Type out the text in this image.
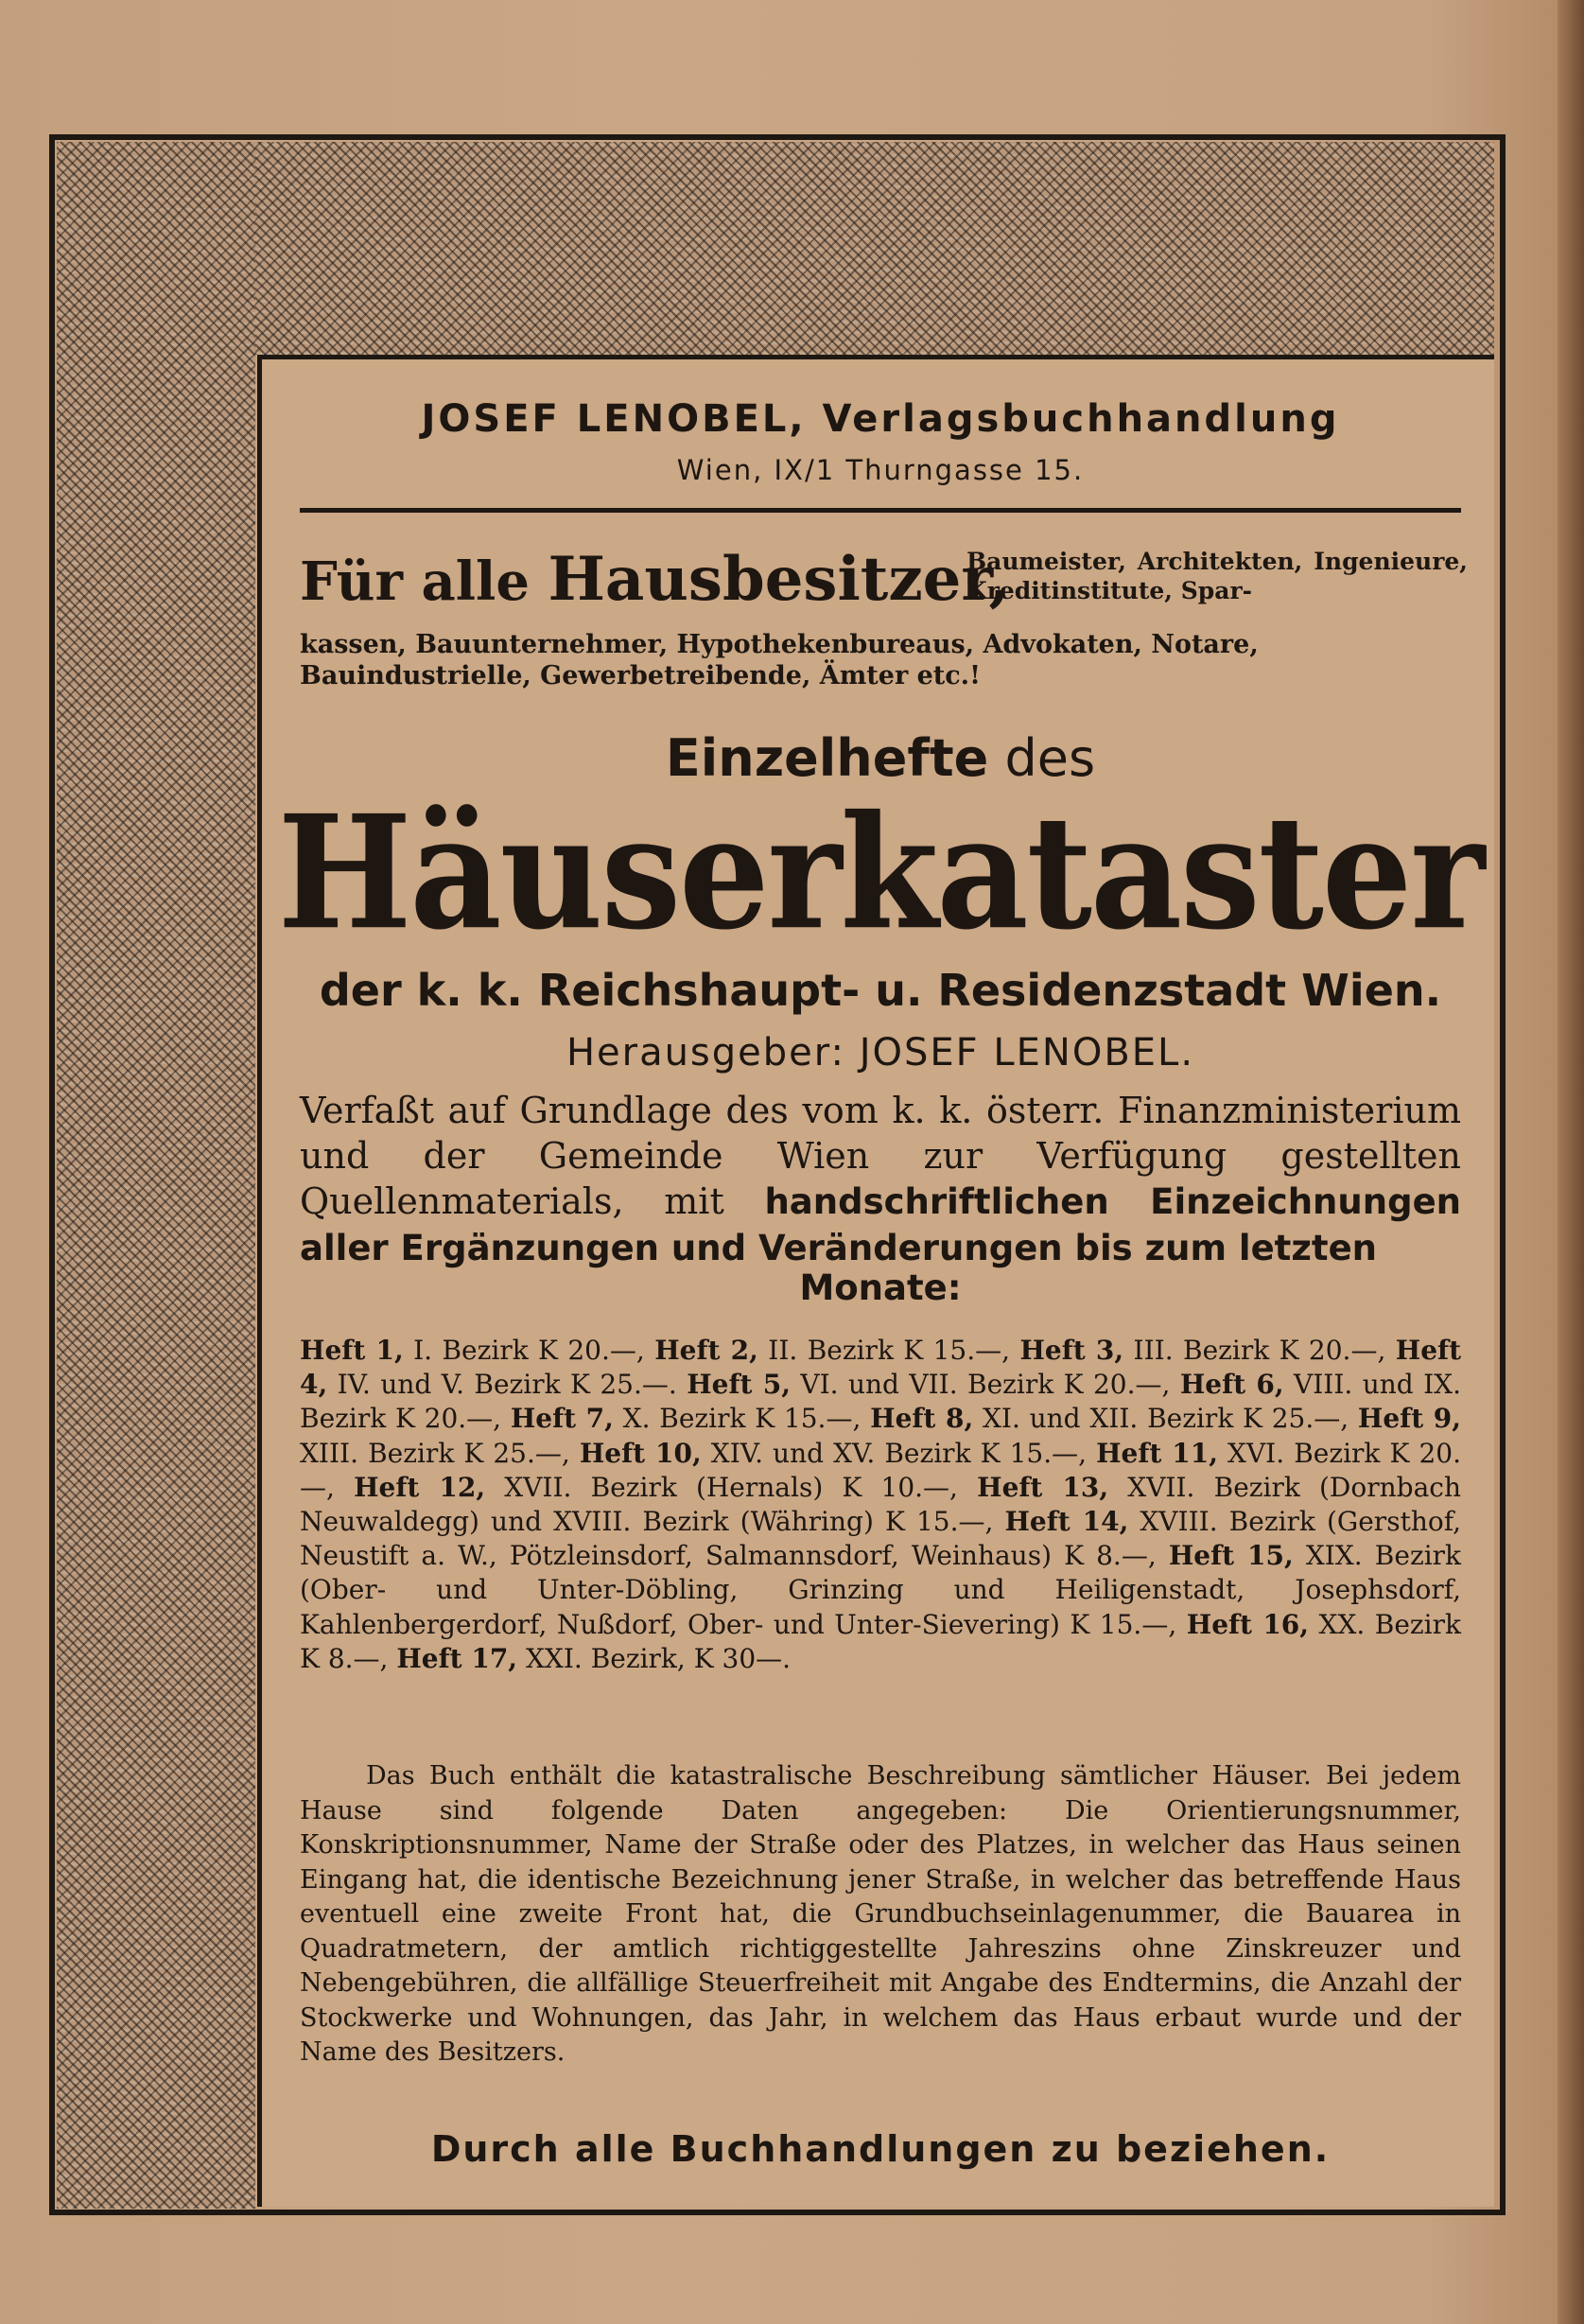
JOSEF LENOBEL, Verlagsbuchhandlung
Wien, IX/1 Thurngasse 15.
Für alle Hausbesitzer,
Baumeister, Architekten, Ingenieure, Kreditinstitute, Spar-
kassen, Bauunternehmer, Hypothekenbureaus, Advokaten, Notare, Bauindustrielle, Gewerbetreibende, Ämter etc.!
Einzelhefte des
Häuserkataster
der k. k. Reichshaupt- u. Residenzstadt Wien.
Herausgeber: JOSEF LENOBEL.
Verfaßt auf Grundlage des vom k. k. österr. Finanzministerium und der Gemeinde Wien zur Verfügung gestellten Quellenmaterials, mit handschriftlichen Einzeichnungen aller Ergänzungen und Veränderungen bis zum letzten
Monate:
Heft 1, I. Bezirk K 20.—, Heft 2, II. Bezirk K 15.—, Heft 3, III. Bezirk K 20.—, Heft 4, IV. und V. Bezirk K 25.—. Heft 5, VI. und VII. Bezirk K 20.—, Heft 6, VIII. und IX. Bezirk K 20.—, Heft 7, X. Bezirk K 15.—, Heft 8, XI. und XII. Bezirk K 25.—, Heft 9, XIII. Bezirk K 25.—, Heft 10, XIV. und XV. Bezirk K 15.—, Heft 11, XVI. Bezirk K 20.—, Heft 12, XVII. Bezirk (Hernals) K 10.—, Heft 13, XVII. Bezirk (Dornbach Neuwaldegg) und XVIII. Bezirk (Währing) K 15.—, Heft 14, XVIII. Bezirk (Gersthof, Neustift a. W., Pötzleinsdorf, Salmannsdorf, Weinhaus) K 8.—, Heft 15, XIX. Bezirk (Ober- und Unter-Döbling, Grinzing und Heiligenstadt, Josephsdorf, Kahlenbergerdorf, Nußdorf, Ober- und Unter-Sievering) K 15.—, Heft 16, XX. Bezirk K 8.—, Heft 17, XXI. Bezirk, K 30—.
Das Buch enthält die katastralische Beschreibung sämtlicher Häuser. Bei jedem Hause sind folgende Daten angegeben: Die Orientierungsnummer, Konskriptionsnummer, Name der Straße oder des Platzes, in welcher das Haus seinen Eingang hat, die identische Bezeichnung jener Straße, in welcher das betreffende Haus eventuell eine zweite Front hat, die Grundbuchseinlagenummer, die Bauarea in Quadratmetern, der amtlich richtiggestellte Jahreszins ohne Zinskreuzer und Nebengebühren, die allfällige Steuerfreiheit mit Angabe des Endtermins, die Anzahl der Stockwerke und Wohnungen, das Jahr, in welchem das Haus erbaut wurde und der Name des Besitzers.
Durch alle Buchhandlungen zu beziehen.
